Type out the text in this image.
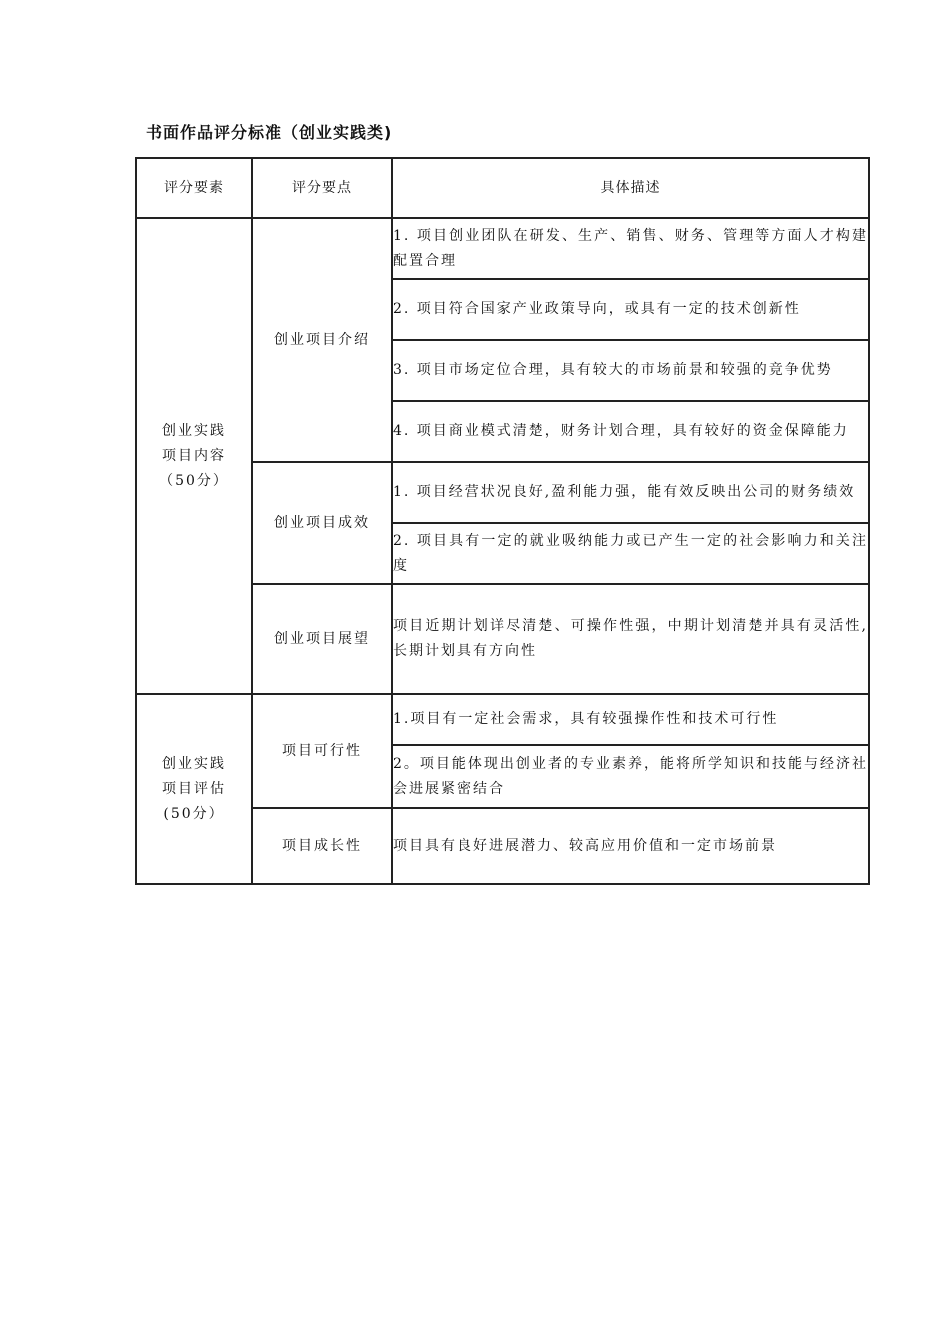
书面作品评分标准（创业实践类)
评分要素	评分要点	具体描述

创业实践
项目内容
（50分）	创业项目介绍	1. 项目创业团队在研发、生产、销售、财务、管理等方面人才构建配置合理
		2. 项目符合国家产业政策导向，或具有一定的技术创新性
		3. 项目市场定位合理，具有较大的市场前景和较强的竞争优势
		4. 项目商业模式清楚，财务计划合理，具有较好的资金保障能力
	创业项目成效	1. 项目经营状况良好,盈利能力强，能有效反映出公司的财务绩效
		2. 项目具有一定的就业吸纳能力或已产生一定的社会影响力和关注度
	创业项目展望	项目近期计划详尽清楚、可操作性强，中期计划清楚并具有灵活性,长期计划具有方向性

创业实践
项目评估
(50分）	项目可行性	1.项目有一定社会需求，具有较强操作性和技术可行性

		2。项目能体现出创业者的专业素养，能将所学知识和技能与经济社会进展紧密结合

	项目成长性	项目具有良好进展潜力、较高应用价值和一定市场前景
